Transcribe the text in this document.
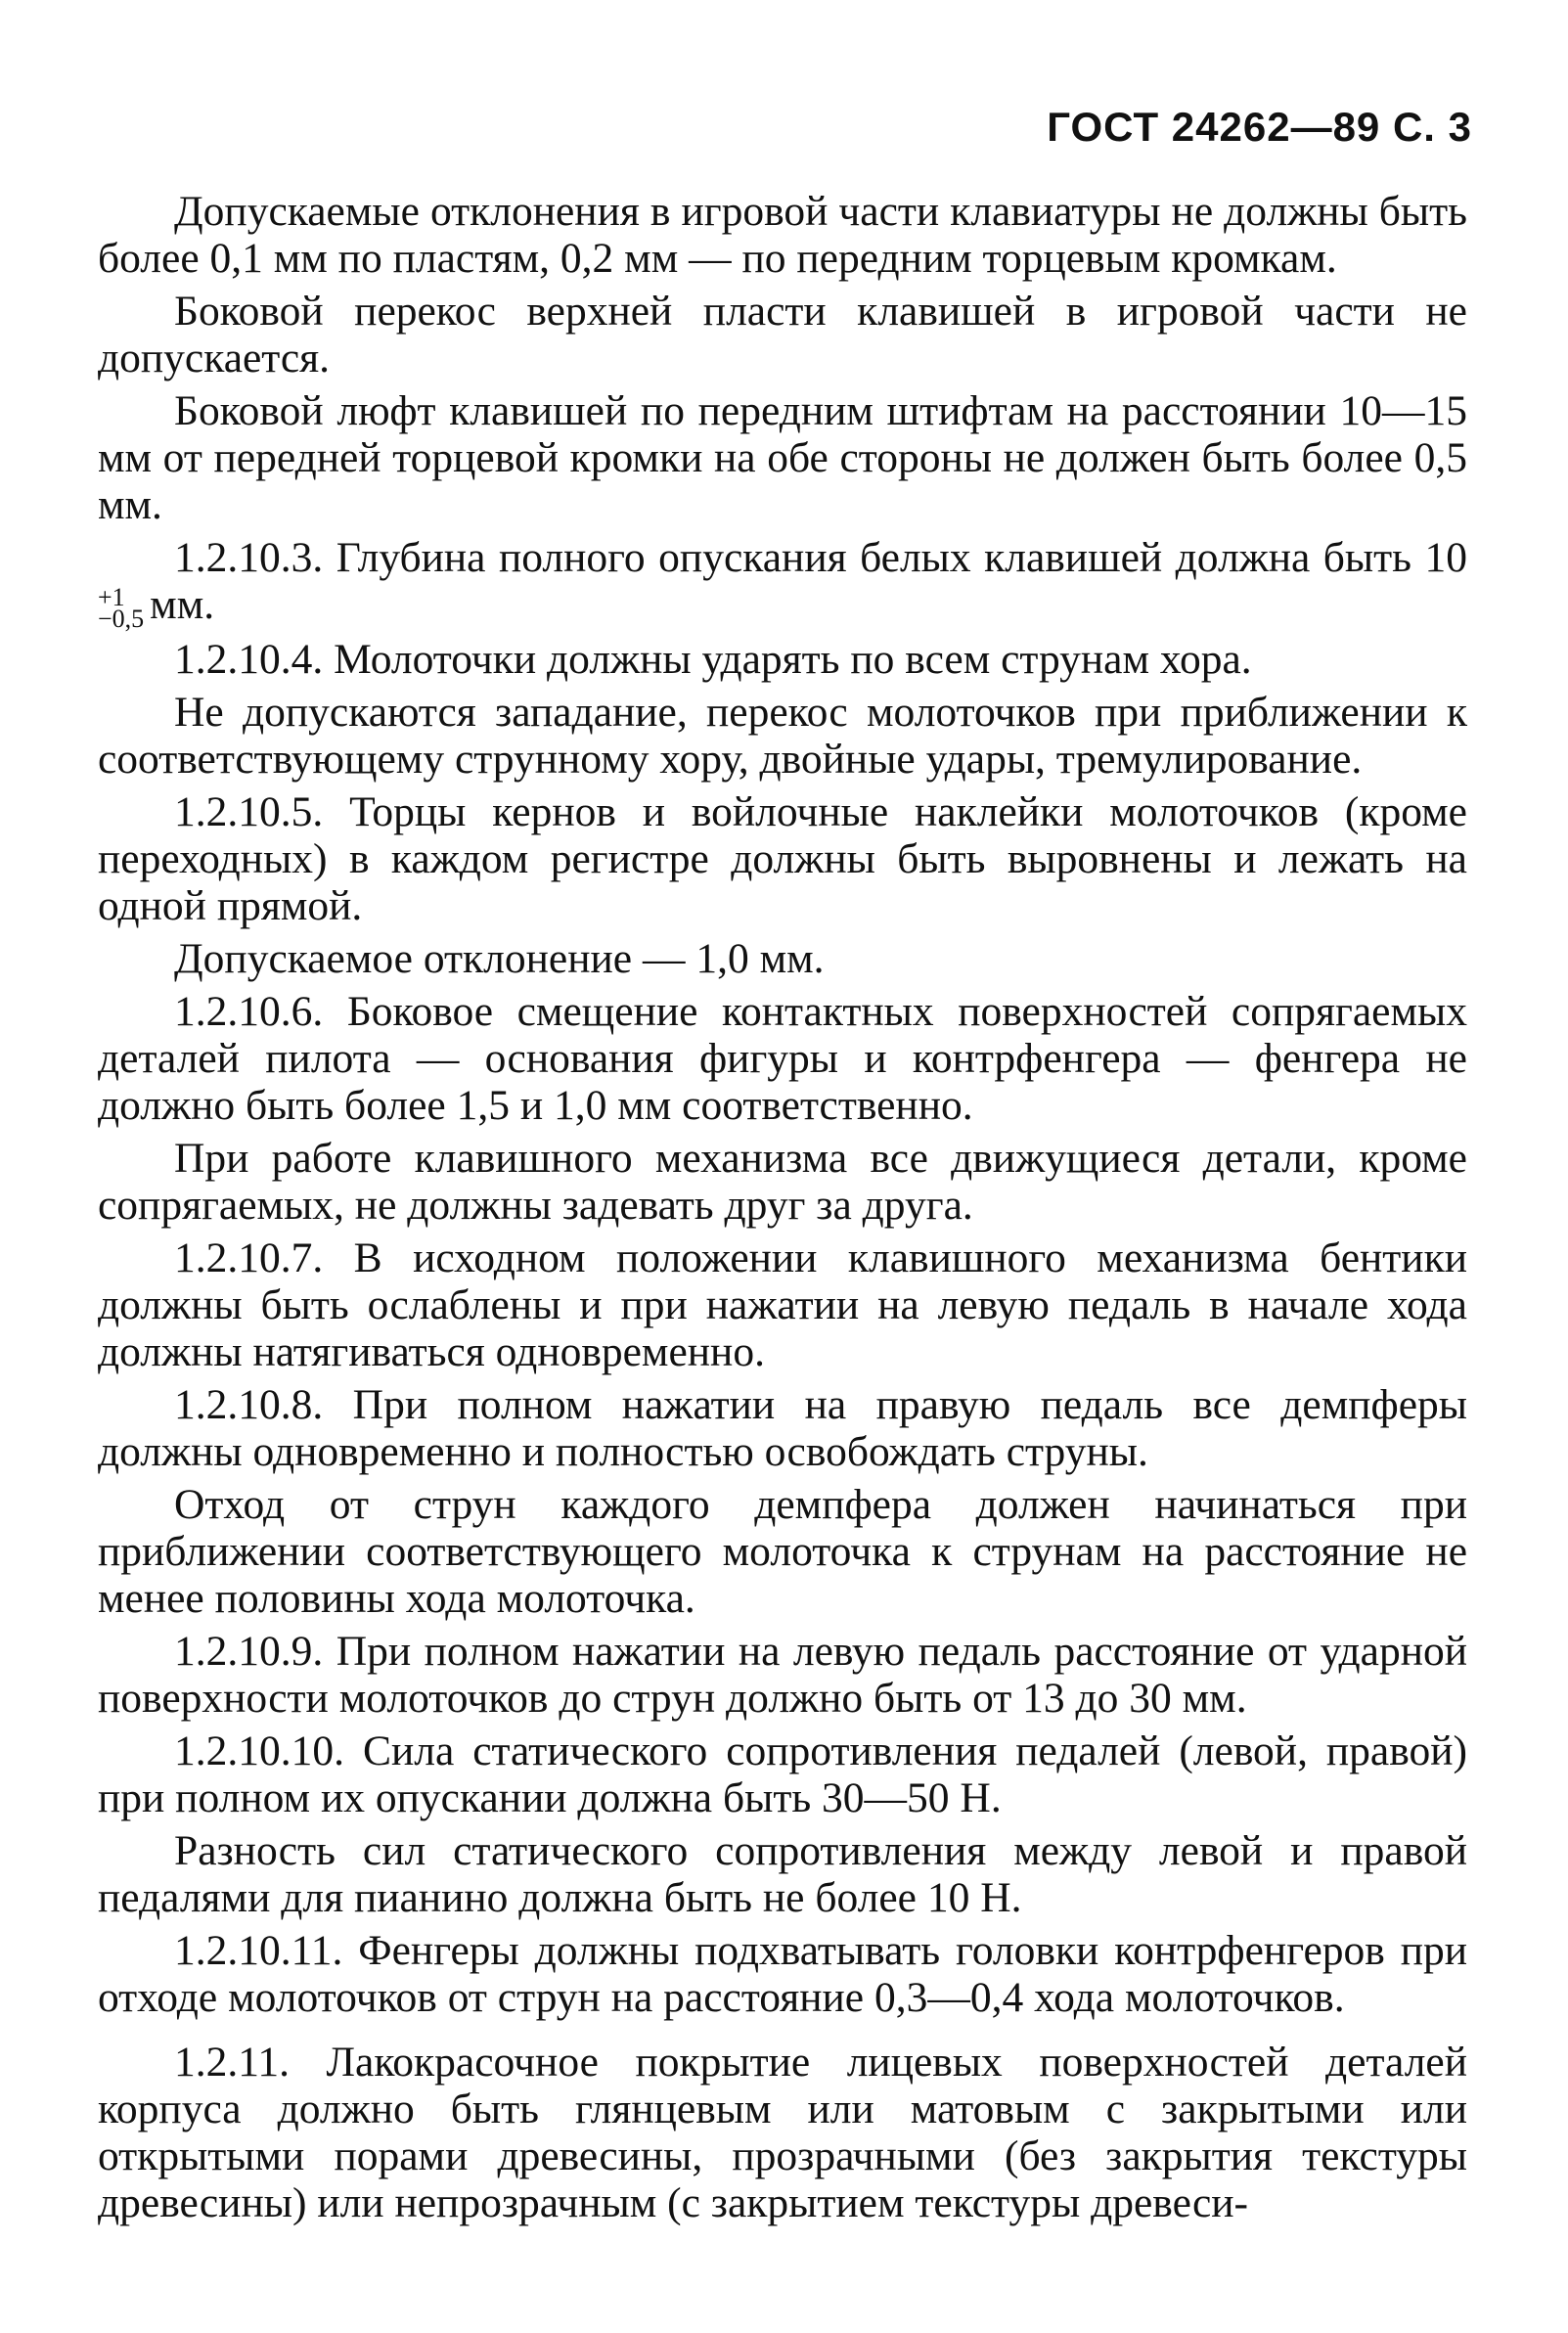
ГОСТ 24262—89 С. 3

Допускаемые отклонения в игровой части клавиатуры не должны быть более 0,1 мм по пластям, 0,2 мм — по передним торцевым кромкам.

Боковой перекос верхней пласти клавишей в игровой части не допускается.

Боковой люфт клавишей по передним штифтам на расстоянии 10—15 мм от передней торцевой кромки на обе стороны не должен быть более 0,5 мм.

1.2.10.3. Глубина полного опускания белых клавишей должна быть 10
+1
−0,5 мм.

1.2.10.4. Молоточки должны ударять по всем струнам хора.

Не допускаются западание, перекос молоточков при приближении к соответствующему струнному хору, двойные удары, тремулирование.

1.2.10.5. Торцы кернов и войлочные наклейки молоточков (кроме переходных) в каждом регистре должны быть выровнены и лежать на одной прямой.

Допускаемое отклонение — 1,0 мм.

1.2.10.6. Боковое смещение контактных поверхностей сопрягаемых деталей пилота — основания фигуры и контрфенгера — фенгера не должно быть более 1,5 и 1,0 мм соответственно.

При работе клавишного механизма все движущиеся детали, кроме сопрягаемых, не должны задевать друг за друга.

1.2.10.7. В исходном положении клавишного механизма бентики должны быть ослаблены и при нажатии на левую педаль в начале хода должны натягиваться одновременно.

1.2.10.8. При полном нажатии на правую педаль все демпферы должны одновременно и полностью освобождать струны.

Отход от струн каждого демпфера должен начинаться при приближении соответствующего молоточка к струнам на расстояние не менее половины хода молоточка.

1.2.10.9. При полном нажатии на левую педаль расстояние от ударной поверхности молоточков до струн должно быть от 13 до 30 мм.

1.2.10.10. Сила статического сопротивления педалей (левой, правой) при полном их опускании должна быть 30—50 Н.

Разность сил статического сопротивления между левой и правой педалями для пианино должна быть не более 10 Н.

1.2.10.11. Фенгеры должны подхватывать головки контрфенгеров при отходе молоточков от струн на расстояние 0,3—0,4 хода молоточков.

1.2.11. Лакокрасочное покрытие лицевых поверхностей деталей корпуса должно быть глянцевым или матовым с закрытыми или открытыми порами древесины, прозрачными (без закрытия текстуры древесины) или непрозрачным (с закрытием текстуры древеси-
